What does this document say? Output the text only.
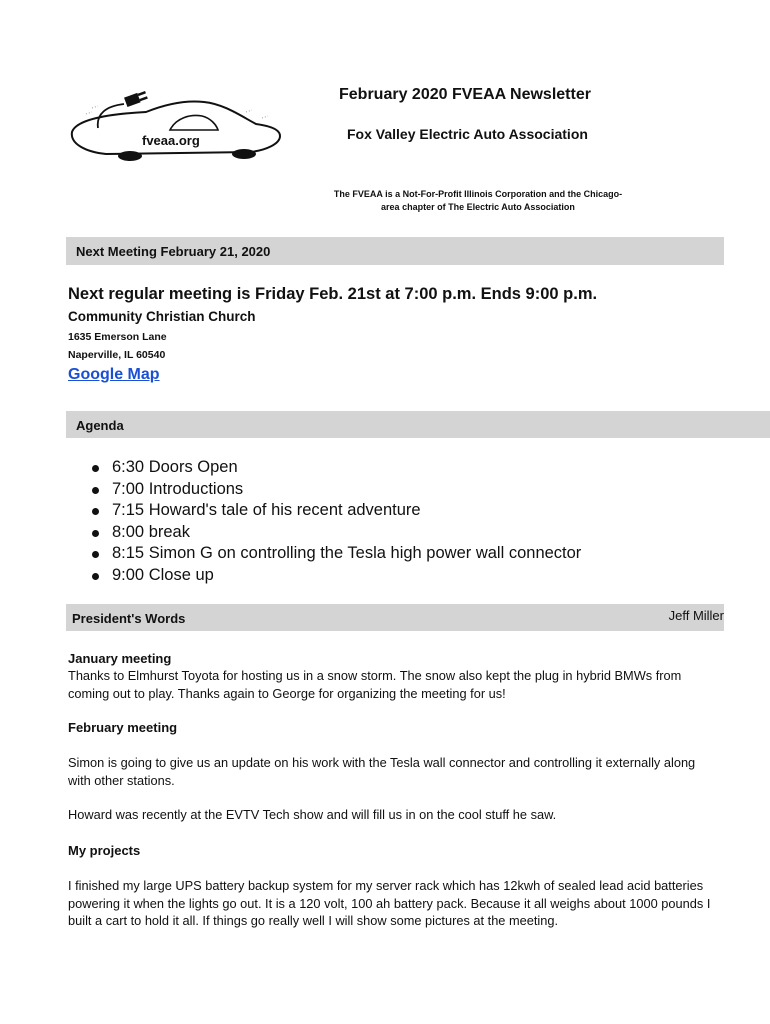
fveaa.org
February 2020 FVEAA Newsletter
Fox Valley Electric Auto Association
The FVEAA is a Not-For-Profit Illinois Corporation and the Chicago-area chapter of The Electric Auto Association
Next Meeting February 21, 2020
Next regular meeting is Friday Feb. 21st at 7:00 p.m. Ends 9:00 p.m.
Community Christian Church
1635 Emerson Lane
Naperville, IL 60540
Google Map
Agenda
6:30 Doors Open
7:00 Introductions
7:15 Howard's tale of his recent adventure
8:00 break
8:15 Simon G on controlling the Tesla high power wall connector
9:00 Close up
President's Words	Jeff Miller
January meeting
Thanks to Elmhurst Toyota for hosting us in a snow storm. The snow also kept the plug in hybrid BMWs from coming out to play. Thanks again to George for organizing the meeting for us!
February meeting
Simon is going to give us an update on his work with the Tesla wall connector and controlling it externally along with other stations.
Howard was recently at the EVTV Tech show and will fill us in on the cool stuff he saw.
My projects
I finished my large UPS battery backup system for my server rack which has 12kwh of sealed lead acid batteries powering it when the lights go out. It is a 120 volt, 100 ah battery pack. Because it all weighs about 1000 pounds I built a cart to hold it all. If things go really well I will show some pictures at the meeting.
